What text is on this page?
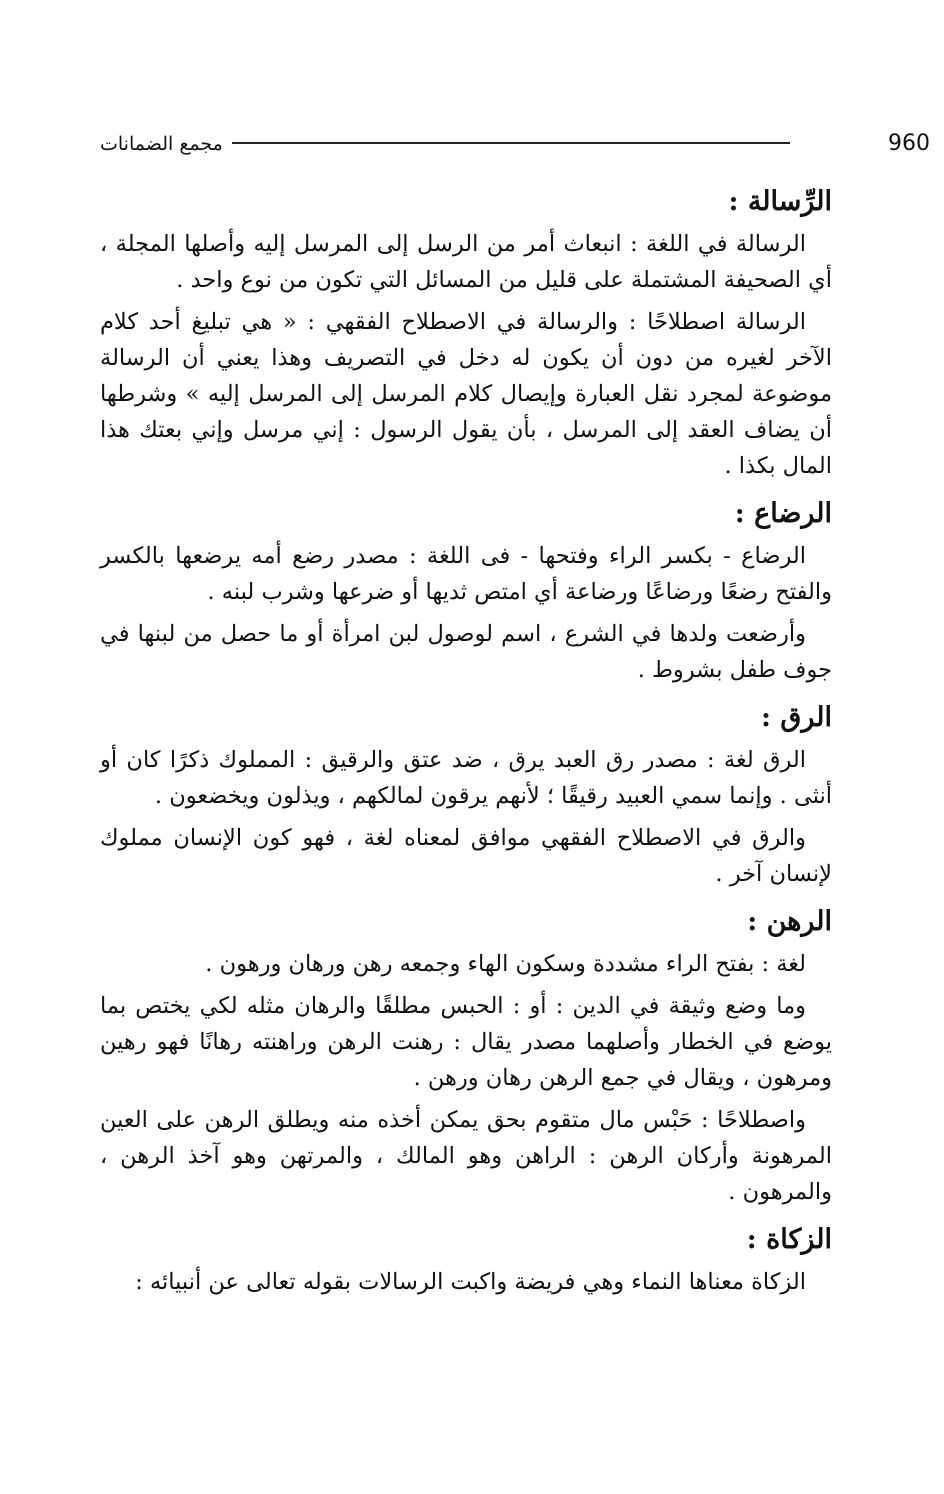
960
مجمع الضمانات
الرِّسالة :

الرسالة في اللغة : انبعاث أمر من الرسل إلى المرسل إليه وأصلها المجلة ، أي الصحيفة المشتملة على قليل من المسائل التي تكون من نوع واحد .

الرسالة اصطلاحًا : والرسالة في الاصطلاح الفقهي : « هي تبليغ أحد كلام الآخر لغيره من دون أن يكون له دخل في التصريف وهذا يعني أن الرسالة موضوعة لمجرد نقل العبارة وإيصال كلام المرسل إلى المرسل إليه » وشرطها أن يضاف العقد إلى المرسل ، بأن يقول الرسول : إني مرسل وإني بعتك هذا المال بكذا .

الرضاع :

الرضاع - بكسر الراء وفتحها - فى اللغة : مصدر رضع أمه يرضعها بالكسر والفتح رضعًا ورضاعًا ورضاعة أي امتص ثديها أو ضرعها وشرب لبنه .

وأرضعت ولدها في الشرع ، اسم لوصول لبن امرأة أو ما حصل من لبنها في جوف طفل بشروط .

الرق :

الرق لغة : مصدر رق العبد يرق ، ضد عتق والرقيق : المملوك ذكرًا كان أو أنثى . وإنما سمي العبيد رقيقًا ؛ لأنهم يرقون لمالكهم ، ويذلون ويخضعون .

والرق في الاصطلاح الفقهي موافق لمعناه لغة ، فهو كون الإنسان مملوك لإنسان آخر .

الرهن :

لغة : بفتح الراء مشددة وسكون الهاء وجمعه رهن ورهان ورهون .

وما وضع وثيقة في الدين : أو : الحبس مطلقًا والرهان مثله لكي يختص بما يوضع في الخطار وأصلهما مصدر يقال : رهنت الرهن وراهنته رهانًا فهو رهين ومرهون ، ويقال في جمع الرهن رهان ورهن .

واصطلاحًا : حَبْس مال متقوم بحق يمكن أخذه منه ويطلق الرهن على العين المرهونة وأركان الرهن : الراهن وهو المالك ، والمرتهن وهو آخذ الرهن ، والمرهون .

الزكاة :

الزكاة معناها النماء وهي فريضة واكبت الرسالات بقوله تعالى عن أنبيائه :
